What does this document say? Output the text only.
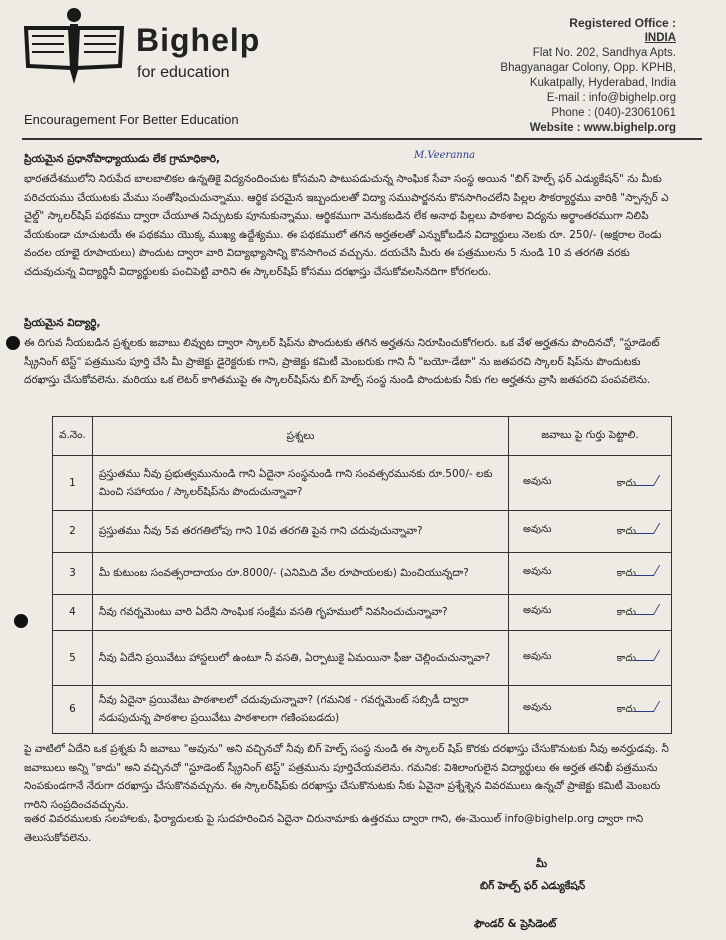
Bighelp
for education
Encouragement For Better Education
Registered Office :
INDIA
Flat No. 202, Sandhya Apts.
Bhagyanagar Colony, Opp. KPHB,
Kukatpally, Hyderabad, India
E-mail : info@bighelp.org
Phone : (040)-23061061
Website : www.bighelp.org
ప్రియమైన ప్రధానోపాధ్యాయుడు లేక గ్రామాధికారి,	M.Veeranna
భారతదేశములోని నిరుపేద బాలబాలికల ఉన్నతికై విద్యనందించుట కోసమని పాటుపడుచున్న సాంఘిక సేవా సంస్థ అయిన "బిగ్ హెల్ప్ ఫర్ ఎడ్యుకేషన్" ను మీకు పరిచయము చేయుటకు మేము సంతోషించుచున్నాము. ఆర్థిక పరమైన ఇబ్బందులతో విద్యా సముపార్జనను కొనసాగించలేని పిల్లల సౌకర్యార్థము వారికి "స్పాన్సర్ ఎ చైల్డ్" స్కాలర్‌షిప్ పథకము ద్వారా చేయూత నిచ్చుటకు పూనుకున్నాము. ఆర్థికముగా వెనుకబడిన లేక అనాథ పిల్లలు పాఠశాల విద్యను అర్థాంతరముగా నిలిపి వేయకుండా చూచుటయే ఈ పథకము యొక్క ముఖ్య ఉద్దేశ్యము. ఈ పథకములో తగిన అర్హతలతో ఎన్నుకోబడిన విద్యార్థులు నెలకు రూ. 250/- (అక్షరాల రెండు వందల యాభై రూపాయలు) పొందుట ద్వారా వారి విద్యాభ్యాసాన్ని కొనసాగించ వచ్చును. దయచేసి మీరు ఈ పత్రములను 5 నుండి 10 వ తరగతి వరకు చదువుచున్న విద్యార్థినీ విద్యార్థులకు పంచిపెట్టి వారిని ఈ స్కాలర్‌షిప్ కోసము దరఖాస్తు చేసుకోవలసినదిగా కోరగలరు.
ప్రియమైన విద్యార్థి,
ఈ దిగువ నీయబడిన ప్రశ్నలకు జవాబు లివ్వుట ద్వారా స్కాలర్ షిప్‌ను పొందుటకు తగిన అర్హతను నిరూపించుకోగలరు. ఒక వేళ అర్హతను పొందినచో, "స్టూడెంట్ స్క్రీనింగ్ టెస్ట్" పత్రమును పూర్తి చేసి మీ ప్రాజెక్టు డైరెక్టరుకు గాని, ప్రాజెక్టు కమిటీ మెంబరుకు గాని నీ "బయో-డేటా" ను జతపరచి స్కాలర్ షిప్‌ను పొందుటకు దరఖాస్తు చేసుకోవలెను. మరియు ఒక లెటర్ కాగితముపై ఈ స్కాలర్‌షిప్‌ను బిగ్ హెల్ప్ సంస్థ నుండి పొందుటకు నీకు గల అర్హతను వ్రాసి జతపరచి పంపవలెను.
వ.నెం.	ప్రశ్నలు	జవాబు పై గుర్తు పెట్టాలి.
1	ప్రస్తుతము నీవు ప్రభుత్వమునుండి గాని ఏదైనా సంస్థనుండి గాని సంవత్సరమునకు రూ.500/- లకు మించి సహాయం / స్కాలర్‌షిప్‌ను పొందుచున్నావా?	అవును కాదు

2	ప్రస్తుతము నీవు 5వ తరగతిలోపు గాని 10వ తరగతి పైన గాని చదువుచున్నావా?	అవును కాదు

3	మీ కుటుంబ సంవత్సరాదాయం రూ.8000/- (ఎనిమిది వేల రూపాయలకు) మించియున్నదా?	అవును కాదు

4	నీవు గవర్నమెంటు వారి ఏదేని సాంఘిక సంక్షేమ వసతి గృహములో నివసించుచున్నావా?	అవును కాదు

5	నీవు ఏదేని ప్రయివేటు హాస్టలులో ఉంటూ నీ వసతి, ఏర్పాటుకై ఏమయినా ఫీజు చెల్లించుచున్నావా?	అవును కాదు

6	నీవు ఏదైనా ప్రయివేటు పాఠశాలలో చదువుచున్నావా? (గమనిక - గవర్నమెంట్ సబ్సిడీ ద్వారా నడుపుచున్న పాఠశాల ప్రయివేటు పాఠశాలగా గణింపబడదు)	అవును కాదు
పై వాటిలో ఏదేని ఒక ప్రశ్నకు నీ జవాబు "అవును" అని వచ్చినచో నీవు బిగ్ హెల్ప్ సంస్థ నుండి ఈ స్కాలర్ షిప్ కొరకు దరఖాస్తు చేసుకొనుటకు నీవు అనర్హుడవు. నీ జవాబులు అన్ని "కాదు" అని వచ్చినచో "స్టూడెంట్ స్క్రీనింగ్ టెస్ట్" పత్రమును పూర్తిచేయవలెను. గమనిక: విశిలాంగులైన విద్యార్థులు ఈ అర్హత తనిఖీ పత్రమును నింపకుండగానే నేరుగా దరఖాస్తు చేసుకొనవచ్చును. ఈ స్కాలర్‌షిప్‌కు దరఖాస్తు చేసుకొనుటకు నీకు ఏవైనా ప్రశ్నేశ్నెన వివరములు ఉన్నచో ప్రాజెక్టు కమిటీ మెంబరు గారిని సంప్రదించవచ్చును.
ఇతర వివరములకు సలహాలకు, ఫిర్యాదులకు పై సుదహరించిన ఏదైనా చిరునామాకు ఉత్తరము ద్వారా గాని, ఈ-మెయిల్ info@bighelp.org ద్వారా గాని తెలుసుకోవలెను.
మీ
బిగ్ హెల్ప్ ఫర్ ఎడ్యుకేషన్
ఫౌండర్ & ప్రెసిడెంట్
